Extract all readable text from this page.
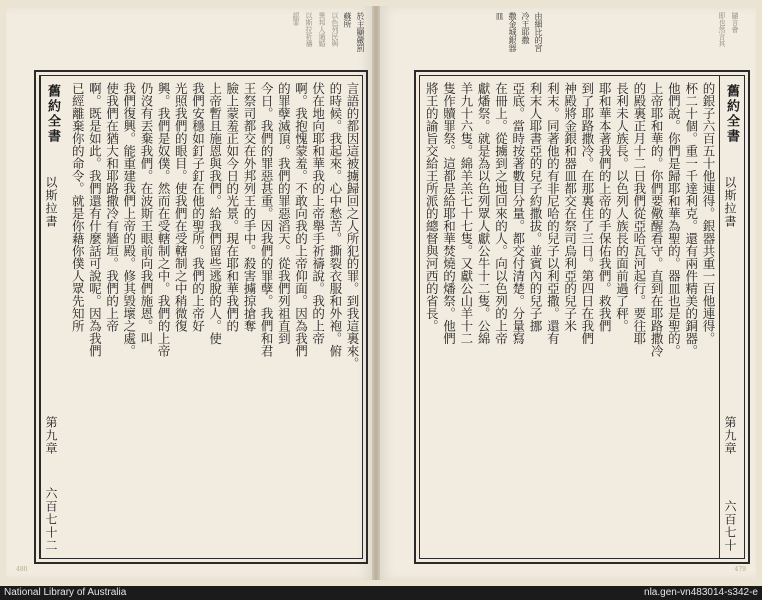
於主顯嚴罰
蘇所
以色列民與
異邦人通婚
以斯拉祈禱
認罪
言語的都因這被擄歸回之人所犯的罪。到我這裏來。
的時候。我起來。心中愁苦。撕裂衣服和外袍。俯
伏在地向耶和華我的上帝舉手祈禱說。我的上帝
啊。我抱愧蒙羞。不敢向我的上帝仰面。因為我們
的罪孽滅頂。我們的罪惡滔天。從我們列祖直到
今日。我們的罪惡甚重。因我們的罪孽。我們和君
王祭司都交在外邦列王的手中。殺害擄掠搶奪
臉上蒙羞正如今日的光景。現在耶和華我們的
上帝暫且施恩與我們。給我們留些逃脫的人。使
我們安穩如釘子釘在他的聖所。我們的上帝好
光照我們的眼目。使我們在受轄制之中稍微復
興。我們是奴僕。然而在受轄制之中。我們的上帝
仍沒有丟棄我們。在波斯王眼前向我們施恩。叫
我們復興。能重建我們上帝的殿。修其毀壞之處。
使我們在猶大和耶路撒冷有牆垣。我們的上帝
啊。既是如此。我們還有什麼話可說呢。因為我們
已經離棄你的命令。就是你藉你僕人眾先知所
舊約全書
以斯拉書
第九章
六百七十二
480
隨言會
即也然言其
由細比的宮
冷王耶撒
撒金城銀器
皿
的銀子六百五十他連得。銀器共重一百他連得。
杯二十個。重一千達利克。還有兩件精美的銅器。
他們說。你們是歸耶和華為聖的。器皿也是聖的。
上帝耶和華的。你們要儆醒看守。直到在耶路撒冷
的殿裏正月十二日我們從亞哈瓦河起行。要往耶
長利未人族長。以色列人族長的面前過了秤。
耶和華本著我們的上帝的手保佑我們。救我們
到了耶路撒冷。在那裏住了三日。第四日在我們
神殿將金銀和器皿都交在祭司烏利亞的兒子米
利末。同著他的有非尼哈的兒子以利亞撒。還有
利末人耶書亞的兒子約撒拔。並賓內的兒子挪
亞底。當時按著數目分量。都交付清楚。分量寫
在冊上。從擄到之地回來的人。向以色列的上帝
獻燔祭。就是為以色列眾人獻公牛十二隻。公綿
羊九十六隻。綿羊羔七十七隻。又獻公山羊十二
隻作贖罪祭。這都是給耶和華焚燒的燔祭。他們
將王的諭旨交給王所派的總督與河西的省長。	舊約全書
以斯拉書
第九章
六百七十
479
National Library of Australia	nla.gen-vn483014-s342-e
